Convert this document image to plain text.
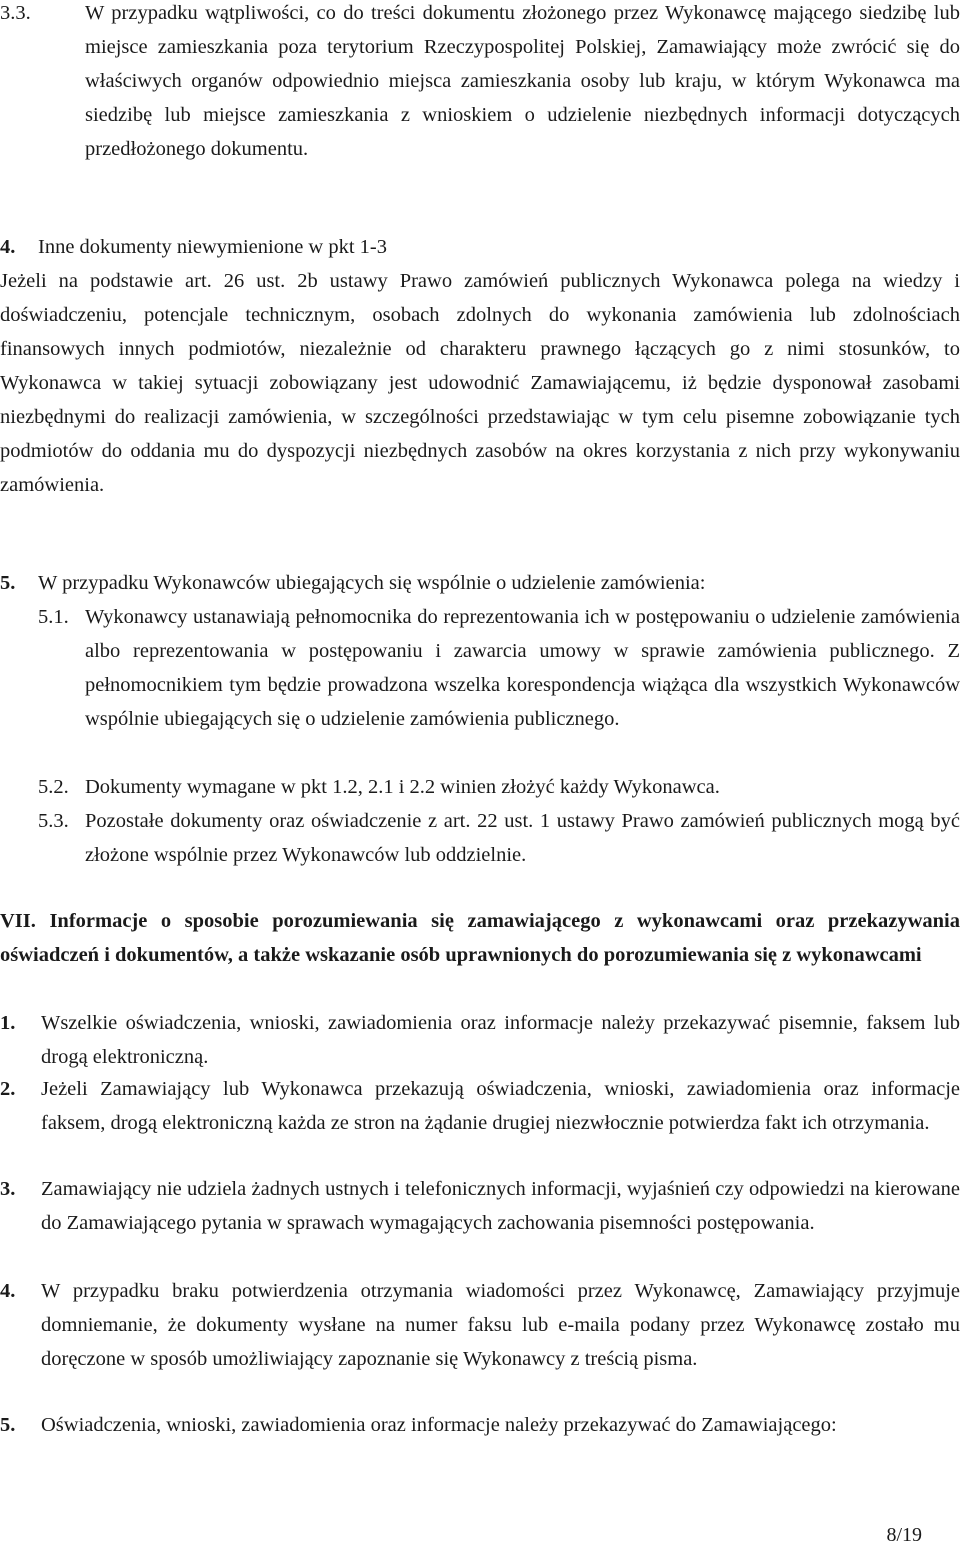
3.3.	W przypadku wątpliwości, co do treści dokumentu złożonego przez Wykonawcę mającego siedzibę lub miejsce zamieszkania poza terytorium Rzeczypospolitej Polskiej, Zamawiający może zwrócić się do właściwych organów odpowiednio miejsca zamieszkania osoby lub kraju, w którym Wykonawca ma siedzibę lub miejsce zamieszkania z wnioskiem o udzielenie niezbędnych informacji dotyczących przedłożonego dokumentu.
4. Inne dokumenty niewymienione w pkt 1-3
Jeżeli na podstawie art. 26 ust. 2b ustawy Prawo zamówień publicznych Wykonawca polega na wiedzy i doświadczeniu, potencjale technicznym, osobach zdolnych do wykonania zamówienia lub zdolnościach finansowych innych podmiotów, niezależnie od charakteru prawnego łączących go z nimi stosunków, to Wykonawca w takiej sytuacji zobowiązany jest udowodnić Zamawiającemu, iż będzie dysponował zasobami niezbędnymi do realizacji zamówienia, w szczególności przedstawiając w tym celu pisemne zobowiązanie tych podmiotów do oddania mu do dyspozycji niezbędnych zasobów na okres korzystania z nich przy wykonywaniu zamówienia.
5. W przypadku Wykonawców ubiegających się wspólnie o udzielenie zamówienia:
5.1. Wykonawcy ustanawiają pełnomocnika do reprezentowania ich w postępowaniu o udzielenie zamówienia albo reprezentowania w postępowaniu i zawarcia umowy w sprawie zamówienia publicznego. Z pełnomocnikiem tym będzie prowadzona wszelka korespondencja wiążąca dla wszystkich Wykonawców wspólnie ubiegających się o udzielenie zamówienia publicznego.
5.2. Dokumenty wymagane w pkt 1.2, 2.1 i 2.2 winien złożyć każdy Wykonawca.
5.3. Pozostałe dokumenty oraz oświadczenie z art. 22 ust. 1 ustawy Prawo zamówień publicznych mogą być złożone wspólnie przez Wykonawców lub oddzielnie.
VII. Informacje o sposobie porozumiewania się zamawiającego z wykonawcami oraz przekazywania oświadczeń i dokumentów, a także wskazanie osób uprawnionych do porozumiewania się z wykonawcami
1. Wszelkie oświadczenia, wnioski, zawiadomienia oraz informacje należy przekazywać pisemnie, faksem lub drogą elektroniczną.
2. Jeżeli Zamawiający lub Wykonawca przekazują oświadczenia, wnioski, zawiadomienia oraz informacje faksem, drogą elektroniczną każda ze stron na żądanie drugiej niezwłocznie potwierdza fakt ich otrzymania.
3. Zamawiający nie udziela żadnych ustnych i telefonicznych informacji, wyjaśnień czy odpowiedzi na kierowane do Zamawiającego pytania w sprawach wymagających zachowania pisemności postępowania.
4. W przypadku braku potwierdzenia otrzymania wiadomości przez Wykonawcę, Zamawiający przyjmuje domniemanie, że dokumenty wysłane na numer faksu lub e-maila podany przez Wykonawcę zostało mu doręczone w sposób umożliwiający zapoznanie się Wykonawcy z treścią pisma.
5. Oświadczenia, wnioski, zawiadomienia oraz informacje należy przekazywać do Zamawiającego:
8/19
